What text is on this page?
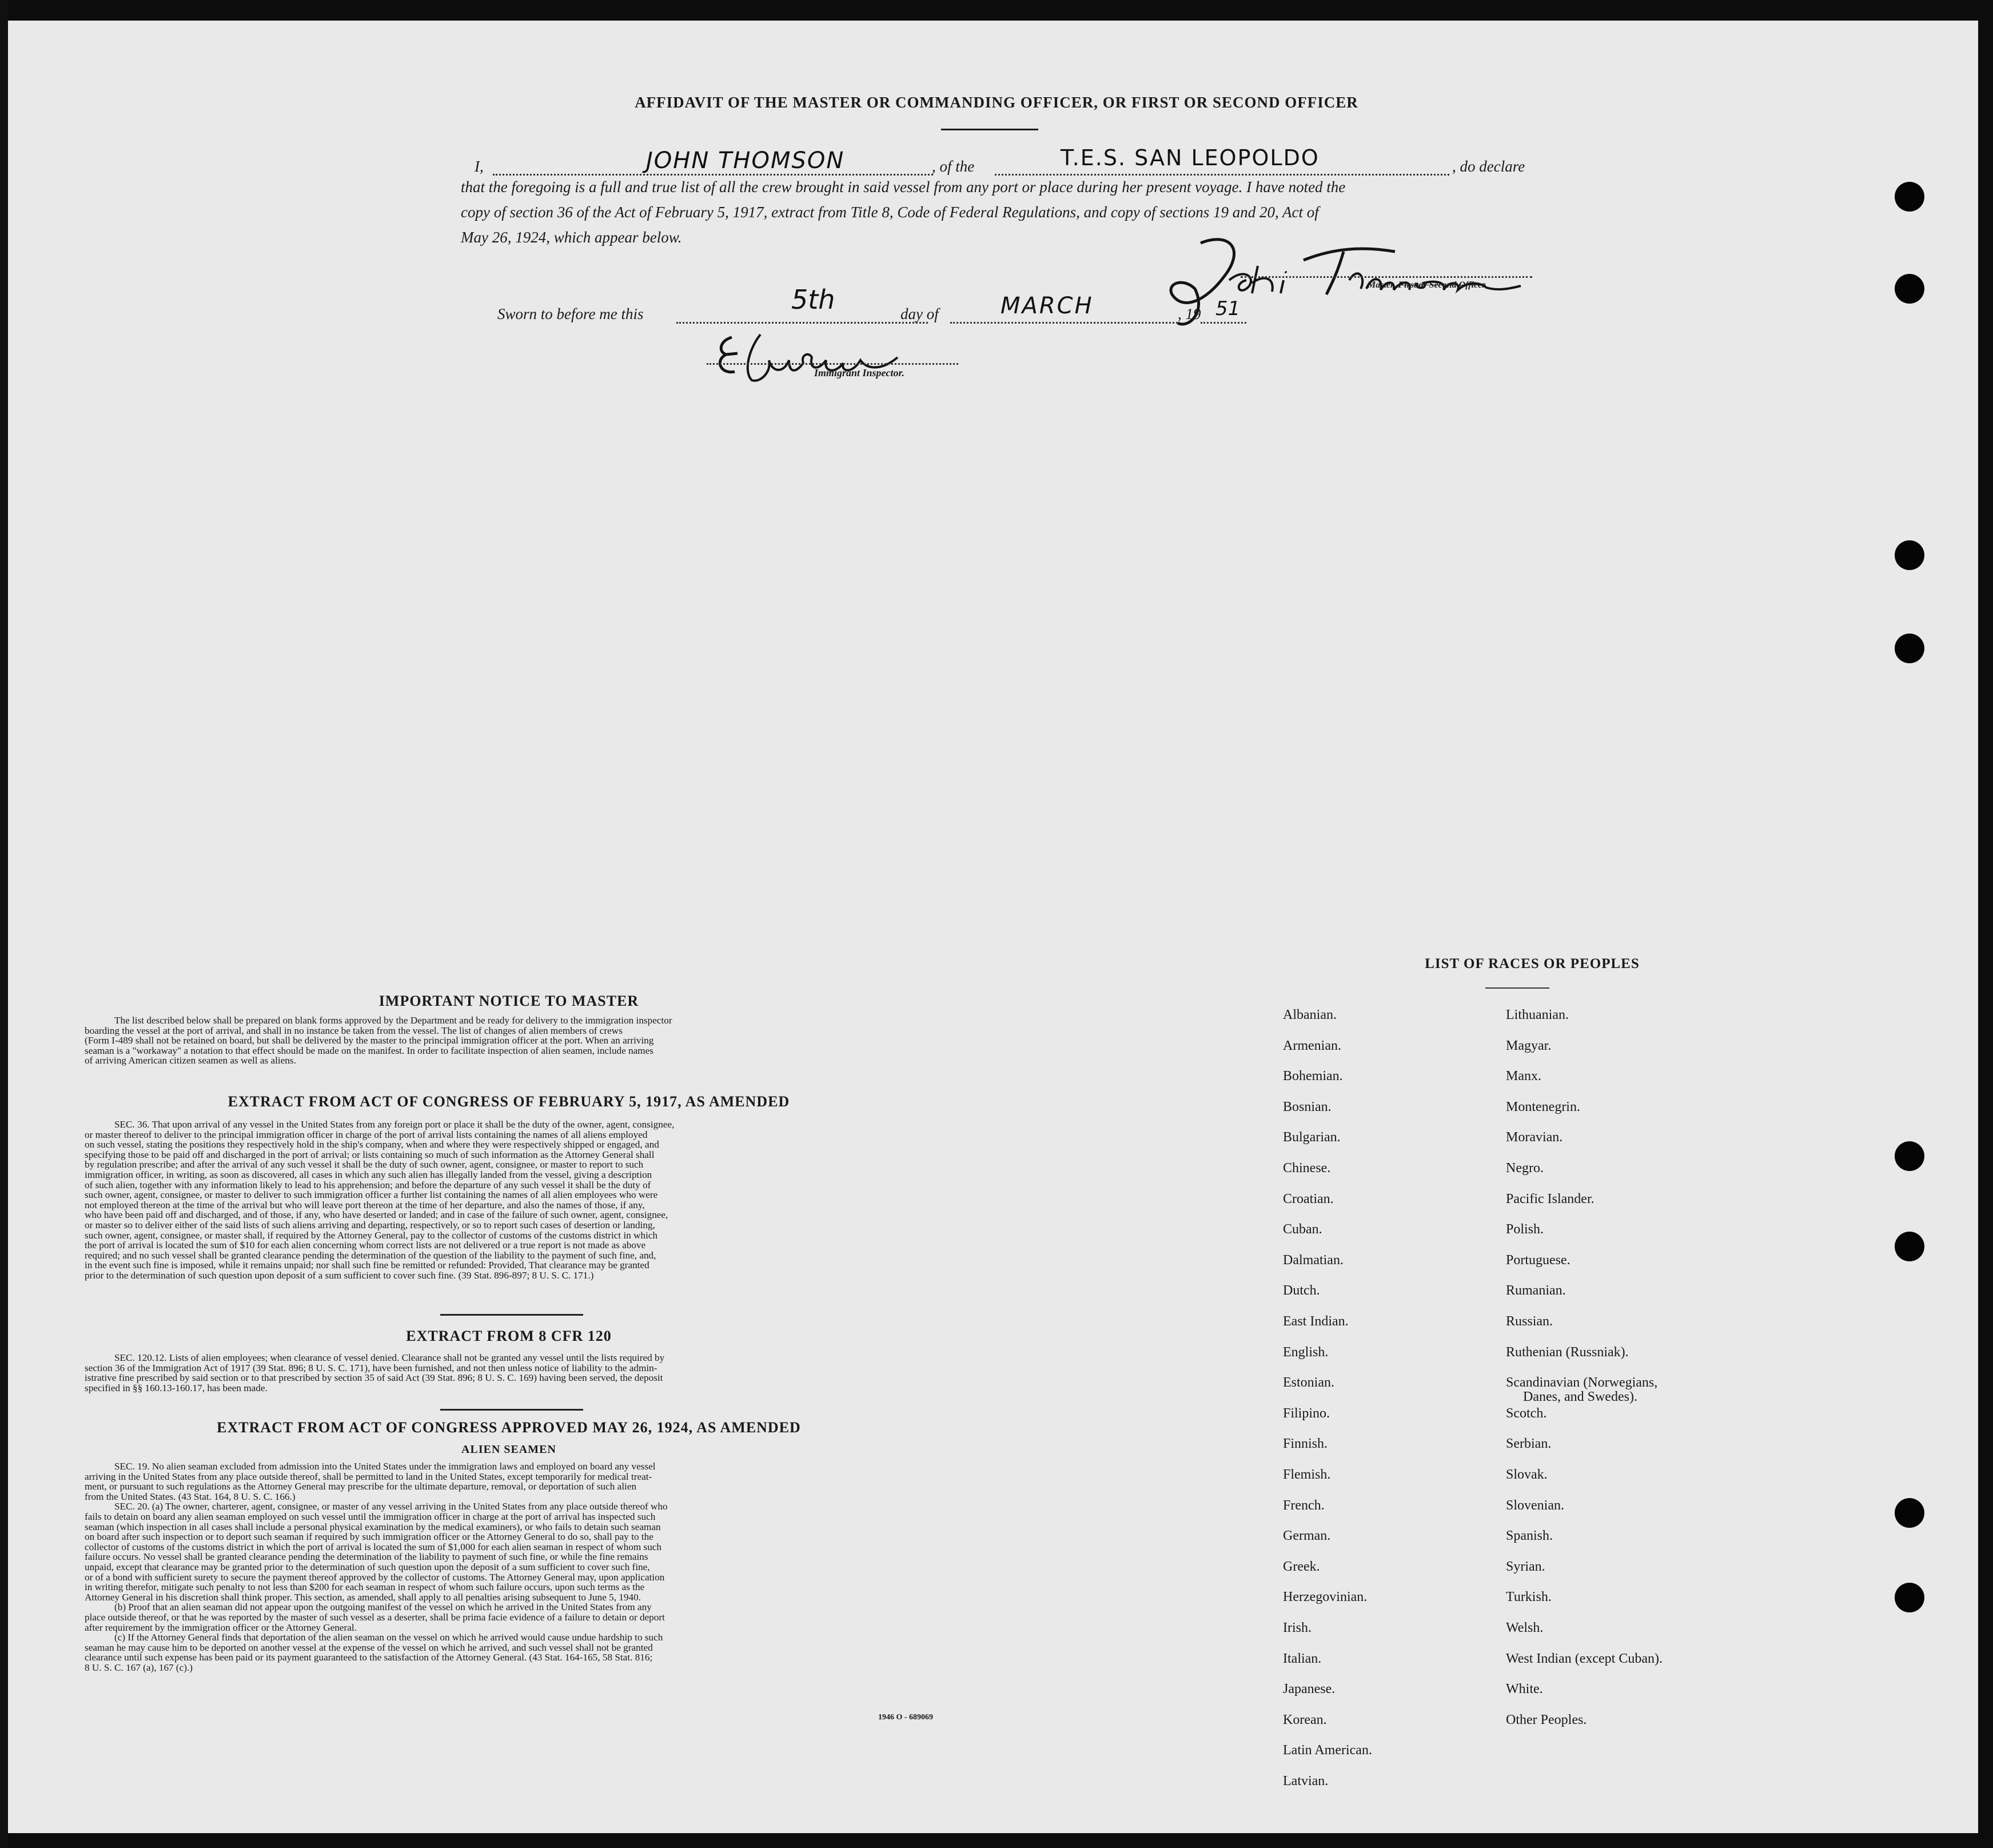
AFFIDAVIT OF THE MASTER OR COMMANDING OFFICER, OR FIRST OR SECOND OFFICER
I,	JOHN THOMSON	, of the	T.E.S. SAN LEOPOLDO	, do declare
that the foregoing is a full and true list of all the crew brought in said vessel from any port or place during her present voyage. I have noted the
copy of section 36 of the Act of February 5, 1917, extract from Title 8, Code of Federal Regulations, and copy of sections 19 and 20, Act of
May 26, 1924, which appear below.
Master, First or Second Officer
Sworn to before me this	5th	day of	MARCH	, 19 51
Immigrant Inspector.
IMPORTANT NOTICE TO MASTER
The list described below shall be prepared on blank forms approved by the Department and be ready for delivery to the immigration inspector
boarding the vessel at the port of arrival, and shall in no instance be taken from the vessel. The list of changes of alien members of crews
(Form I-489 shall not be retained on board, but shall be delivered by the master to the principal immigration officer at the port. When an arriving
seaman is a "workaway" a notation to that effect should be made on the manifest. In order to facilitate inspection of alien seamen, include names
of arriving American citizen seamen as well as aliens.
EXTRACT FROM ACT OF CONGRESS OF FEBRUARY 5, 1917, AS AMENDED
SEC. 36. That upon arrival of any vessel in the United States from any foreign port or place it shall be the duty of the owner, agent, consignee,
or master thereof to deliver to the principal immigration officer in charge of the port of arrival lists containing the names of all aliens employed
on such vessel, stating the positions they respectively hold in the ship's company, when and where they were respectively shipped or engaged, and
specifying those to be paid off and discharged in the port of arrival; or lists containing so much of such information as the Attorney General shall
by regulation prescribe; and after the arrival of any such vessel it shall be the duty of such owner, agent, consignee, or master to report to such
immigration officer, in writing, as soon as discovered, all cases in which any such alien has illegally landed from the vessel, giving a description
of such alien, together with any information likely to lead to his apprehension; and before the departure of any such vessel it shall be the duty of
such owner, agent, consignee, or master to deliver to such immigration officer a further list containing the names of all alien employees who were
not employed thereon at the time of the arrival but who will leave port thereon at the time of her departure, and also the names of those, if any,
who have been paid off and discharged, and of those, if any, who have deserted or landed; and in case of the failure of such owner, agent, consignee,
or master so to deliver either of the said lists of such aliens arriving and departing, respectively, or so to report such cases of desertion or landing,
such owner, agent, consignee, or master shall, if required by the Attorney General, pay to the collector of customs of the customs district in which
the port of arrival is located the sum of $10 for each alien concerning whom correct lists are not delivered or a true report is not made as above
required; and no such vessel shall be granted clearance pending the determination of the question of the liability to the payment of such fine, and,
in the event such fine is imposed, while it remains unpaid; nor shall such fine be remitted or refunded: Provided, That clearance may be granted
prior to the determination of such question upon deposit of a sum sufficient to cover such fine. (39 Stat. 896-897; 8 U. S. C. 171.)
EXTRACT FROM 8 CFR 120
SEC. 120.12. Lists of alien employees; when clearance of vessel denied. Clearance shall not be granted any vessel until the lists required by
section 36 of the Immigration Act of 1917 (39 Stat. 896; 8 U. S. C. 171), have been furnished, and not then unless notice of liability to the admin-
istrative fine prescribed by said section or to that prescribed by section 35 of said Act (39 Stat. 896; 8 U. S. C. 169) having been served, the deposit
specified in §§ 160.13-160.17, has been made.
EXTRACT FROM ACT OF CONGRESS APPROVED MAY 26, 1924, AS AMENDED
ALIEN SEAMEN
SEC. 19. No alien seaman excluded from admission into the United States under the immigration laws and employed on board any vessel
arriving in the United States from any place outside thereof, shall be permitted to land in the United States, except temporarily for medical treat-
ment, or pursuant to such regulations as the Attorney General may prescribe for the ultimate departure, removal, or deportation of such alien
from the United States. (43 Stat. 164, 8 U. S. C. 166.)
SEC. 20. (a) The owner, charterer, agent, consignee, or master of any vessel arriving in the United States from any place outside thereof who
fails to detain on board any alien seaman employed on such vessel until the immigration officer in charge at the port of arrival has inspected such
seaman (which inspection in all cases shall include a personal physical examination by the medical examiners), or who fails to detain such seaman
on board after such inspection or to deport such seaman if required by such immigration officer or the Attorney General to do so, shall pay to the
collector of customs of the customs district in which the port of arrival is located the sum of $1,000 for each alien seaman in respect of whom such
failure occurs. No vessel shall be granted clearance pending the determination of the liability to payment of such fine, or while the fine remains
unpaid, except that clearance may be granted prior to the determination of such question upon the deposit of a sum sufficient to cover such fine,
or of a bond with sufficient surety to secure the payment thereof approved by the collector of customs. The Attorney General may, upon application
in writing therefor, mitigate such penalty to not less than $200 for each seaman in respect of whom such failure occurs, upon such terms as the
Attorney General in his discretion shall think proper. This section, as amended, shall apply to all penalties arising subsequent to June 5, 1940.
(b) Proof that an alien seaman did not appear upon the outgoing manifest of the vessel on which he arrived in the United States from any
place outside thereof, or that he was reported by the master of such vessel as a deserter, shall be prima facie evidence of a failure to detain or deport
after requirement by the immigration officer or the Attorney General.
(c) If the Attorney General finds that deportation of the alien seaman on the vessel on which he arrived would cause undue hardship to such
seaman he may cause him to be deported on another vessel at the expense of the vessel on which he arrived, and such vessel shall not be granted
clearance until such expense has been paid or its payment guaranteed to the satisfaction of the Attorney General. (43 Stat. 164-165, 58 Stat. 816;
8 U. S. C. 167 (a), 167 (c).)
1946 O - 689069
LIST OF RACES OR PEOPLES
Albanian.
Armenian.
Bohemian.
Bosnian.
Bulgarian.
Chinese.
Croatian.
Cuban.
Dalmatian.
Dutch.
East Indian.
English.
Estonian.
Filipino.
Finnish.
Flemish.
French.
German.
Greek.
Herzegovinian.
Irish.
Italian.
Japanese.
Korean.
Latin American.
Latvian.
Lithuanian.
Magyar.
Manx.
Montenegrin.
Moravian.
Negro.
Pacific Islander.
Polish.
Portuguese.
Rumanian.
Russian.
Ruthenian (Russniak).
Scandinavian (Norwegians,
Danes, and Swedes).
Scotch.
Serbian.
Slovak.
Slovenian.
Spanish.
Syrian.
Turkish.
Welsh.
West Indian (except Cuban).
White.
Other Peoples.
